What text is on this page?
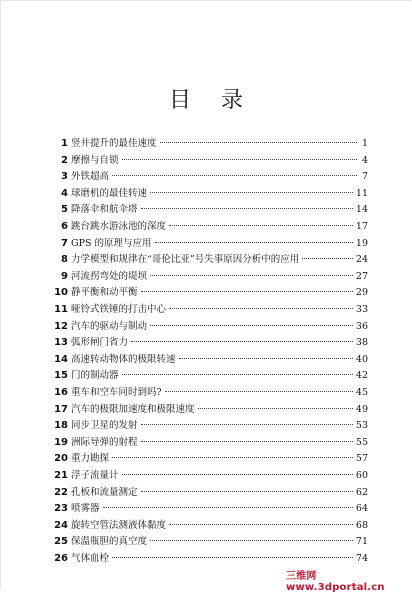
目录
1 竖井提升的最佳速度	1
2 摩擦与自锁	4
3 外铁超高	7
4 球磨机的最佳转速	11
5 降落伞和航伞塔	14
6 跳台跳水游泳池的深度	17
7 GPS 的原理与应用	19
8 力学模型和规律在“哥伦比亚”号失事原因分析中的应用	24
9 河流拐弯处的堤坝	27
10 静平衡和动平衡	29
11 哑铃式铁锤的打击中心	33
12 汽车的驱动与制动	36
13 弧形闸门省力	38
14 高速转动物体的极限转速	40
15 门的制动器	42
16 重车和空车同时到吗?	45
17 汽车的极限加速度和极限速度	49
18 同步卫星的发射	53
19 洲际导弹的射程	55
20 重力勘探	57
21 浮子流量计	60
22 孔板和流量测定	62
23 喷雾器	64
24 旋转空管法测液体黏度	68
25 保温瓶胆的真空度	71
26 气体血栓	74
三维网www.3dportal.cn
